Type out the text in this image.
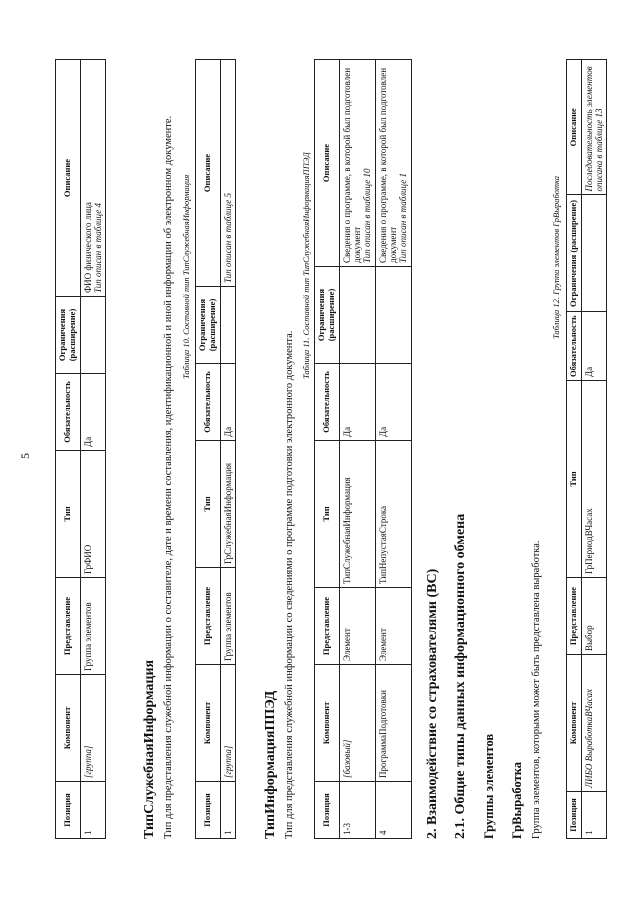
5
Позиция	Компонент	Представление	Тип	Обязательность	Ограничения (расширение)	Описание
1	[группа]	Группа элементов	ГрФИО	Да		ФИО физического лица Тип описан в таблице 4
ТипСлужебнаяИнформация Тип для представления служебной информации о составителе, дате и времени составления, идентификационной и иной информации об электронном документе. Таблица 10. Составной тип ТипСлужебнаяИнформация
Позиция	Компонент	Представление	Тип	Обязательность	Ограничения (расширение)	Описание
1	[группа]	Группа элементов	ГрСлужебнаяИнформация	Да		Тип описан в таблице 5
ТипИнформацияППЭД Тип для представления служебной информации со сведениями о программе подготовки электронного документа.
Таблица 11. Составной тип ТипСлужебнаяИнформацияППЭД
Позиция	Компонент	Представление	Тип	Обязательность	Ограничения (расширение)	Описание
1-3	[базовый]	Элемент	ТипСлужебнаяИнформация	Да		Сведения о программе, в которой был подготовлен документ Тип описан в таблице 10

4	ПрограммаПодготовки	Элемент	ТипНепустаяСтрока	Да		Сведения о программе, в которой был подготовлен документ Тип описан в таблице 1
2. Взаимодействие со страхователями (ВС) 2.1. Общие типы данных информационного обмена Группы элементов ГрВыработка Группа элементов, которыми может быть представлена выработка.
Таблица 12. Группа элементов ГрВыработка
Позиция	Компонент	Представление	Тип	Обязательность	Ограничения (расширение)	Описание
1	ЛИБО ВыработкаВЧасах	Выбор	ГрПериодВЧасах	Да		Последовательность элементов описана в таблице 13
